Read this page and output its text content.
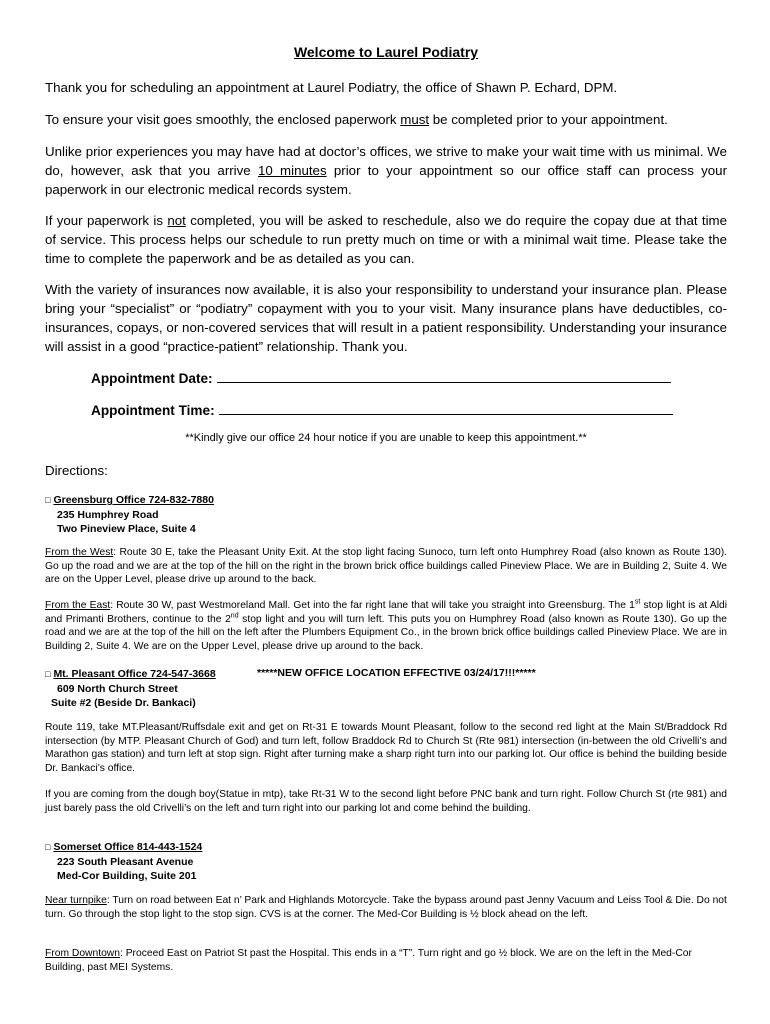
Welcome to Laurel Podiatry

Thank you for scheduling an appointment at Laurel Podiatry, the office of Shawn P. Echard, DPM.

To ensure your visit goes smoothly, the enclosed paperwork must be completed prior to your appointment.

Unlike prior experiences you may have had at doctor’s offices, we strive to make your wait time with us minimal. We do, however, ask that you arrive 10 minutes prior to your appointment so our office staff can process your paperwork in our electronic medical records system.

If your paperwork is not completed, you will be asked to reschedule, also we do require the copay due at that time of service. This process helps our schedule to run pretty much on time or with a minimal wait time. Please take the time to complete the paperwork and be as detailed as you can.

With the variety of insurances now available, it is also your responsibility to understand your insurance plan. Please bring your “specialist” or “podiatry” copayment with you to your visit. Many insurance plans have deductibles, co-insurances, copays, or non-covered services that will result in a patient responsibility. Understanding your insurance will assist in a good “practice-patient” relationship. Thank you.

Appointment Date:
Appointment Time:
**Kindly give our office 24 hour notice if you are unable to keep this appointment.**
Directions:
□ Greensburg Office 724-832-7880
235 Humphrey Road
Two Pineview Place, Suite 4

From the West: Route 30 E, take the Pleasant Unity Exit. At the stop light facing Sunoco, turn left onto Humphrey Road (also known as Route 130). Go up the road and we are at the top of the hill on the right in the brown brick office buildings called Pineview Place. We are in Building 2, Suite 4. We are on the Upper Level, please drive up around to the back.

From the East: Route 30 W, past Westmoreland Mall. Get into the far right lane that will take you straight into Greensburg. The 1st stop light is at Aldi and Primanti Brothers, continue to the 2nd stop light and you will turn left. This puts you on Humphrey Road (also known as Route 130). Go up the road and we are at the top of the hill on the left after the Plumbers Equipment Co., in the brown brick office buildings called Pineview Place. We are in Building 2, Suite 4. We are on the Upper Level, please drive up around to the back.

□ Mt. Pleasant Office 724-547-3668
609 North Church Street
Suite #2 (Beside Dr. Bankaci)
*****NEW OFFICE LOCATION EFFECTIVE 03/24/17!!!*****

Route 119, take MT.Pleasant/Ruffsdale exit and get on Rt-31 E towards Mount Pleasant, follow to the second red light at the Main St/Braddock Rd intersection (by MTP. Pleasant Church of God) and turn left, follow Braddock Rd to Church St (Rte 981) intersection (in-between the old Crivelli’s and Marathon gas station) and turn left at stop sign. Right after turning make a sharp right turn into our parking lot. Our office is behind the building beside Dr. Bankaci’s office.

If you are coming from the dough boy(Statue in mtp), take Rt-31 W to the second light before PNC bank and turn right. Follow Church St (rte 981) and just barely pass the old Crivelli’s on the left and turn right into our parking lot and come behind the building.

□ Somerset Office 814-443-1524
223 South Pleasant Avenue
Med-Cor Building, Suite 201

Near turnpike: Turn on road between Eat n’ Park and Highlands Motorcycle. Take the bypass around past Jenny Vacuum and Leiss Tool & Die. Do not turn. Go through the stop light to the stop sign. CVS is at the corner. The Med-Cor Building is ½ block ahead on the left.

From Downtown: Proceed East on Patriot St past the Hospital. This ends in a “T”. Turn right and go ½ block. We are on the left in the Med-Cor Building, past MEI Systems.
